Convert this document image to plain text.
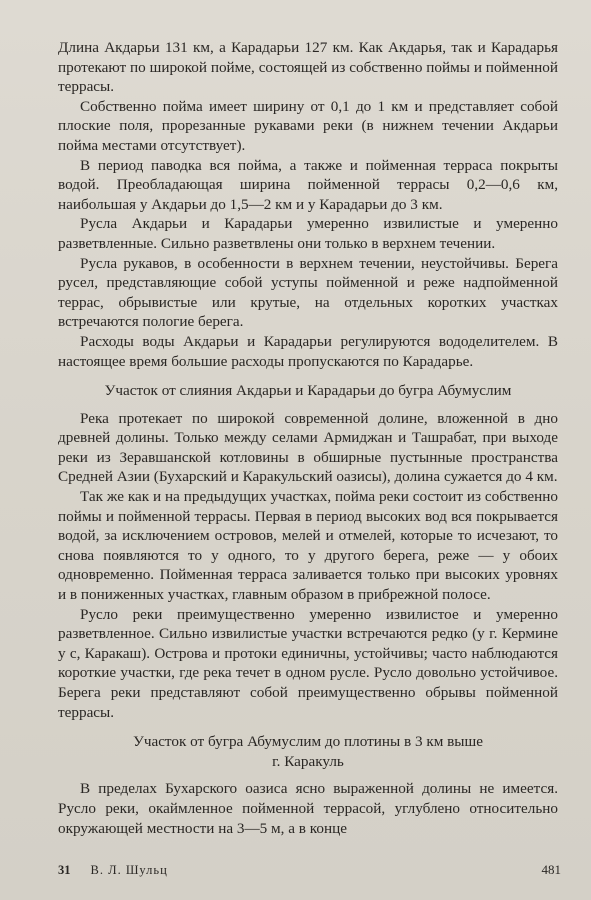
Длина Акдарьи 131 км, а Карадарьи 127 км. Как Акдарья, так и Карадарья протекают по широкой пойме, состоящей из собственно поймы и пойменной террасы.

Собственно пойма имеет ширину от 0,1 до 1 км и представляет собой плоские поля, прорезанные рукавами реки (в нижнем течении Акдарьи пойма местами отсутствует).

В период паводка вся пойма, а также и пойменная терраса покрыты водой. Преобладающая ширина пойменной террасы 0,2—0,6 км, наибольшая у Акдарьи до 1,5—2 км и у Карадарьи до 3 км.

Русла Акдарьи и Карадарьи умеренно извилистые и умеренно разветвленные. Сильно разветвлены они только в верхнем течении.

Русла рукавов, в особенности в верхнем течении, неустойчивы. Берега русел, представляющие собой уступы пойменной и реже надпойменной террас, обрывистые или крутые, на отдельных коротких участках встречаются пологие берега.

Расходы воды Акдарьи и Карадарьи регулируются вододелителем. В настоящее время большие расходы пропускаются по Карадарье.

Участок от слияния Акдарьи и Карадарьи до бугра Абумуслим

Река протекает по широкой современной долине, вложенной в дно древней долины. Только между селами Армиджан и Ташрабат, при выходе реки из Зеравшанской котловины в обширные пустынные пространства Средней Азии (Бухарский и Каракульский оазисы), долина сужается до 4 км.

Так же как и на предыдущих участках, пойма реки состоит из собственно поймы и пойменной террасы. Первая в период высоких вод вся покрывается водой, за исключением островов, мелей и отмелей, которые то исчезают, то снова появляются то у одного, то у другого берега, реже — у обоих одновременно. Пойменная терраса заливается только при высоких уровнях и в пониженных участках, главным образом в прибрежной полосе.

Русло реки преимущественно умеренно извилистое и умеренно разветвленное. Сильно извилистые участки встречаются редко (у г. Кермине у с, Каракаш). Острова и протоки единичны, устойчивы; часто наблюдаются короткие участки, где река течет в одном русле. Русло довольно устойчивое. Берега реки представляют собой преимущественно обрывы пойменной террасы.

Участок от бугра Абумуслим до плотины в 3 км выше
г. Каракуль

В пределах Бухарского оазиса ясно выраженной долины не имеется. Русло реки, окаймленное пойменной террасой, углублено относительно окружающей местности на 3—5 м, а в конце

31 В. Л. Шульц	481
